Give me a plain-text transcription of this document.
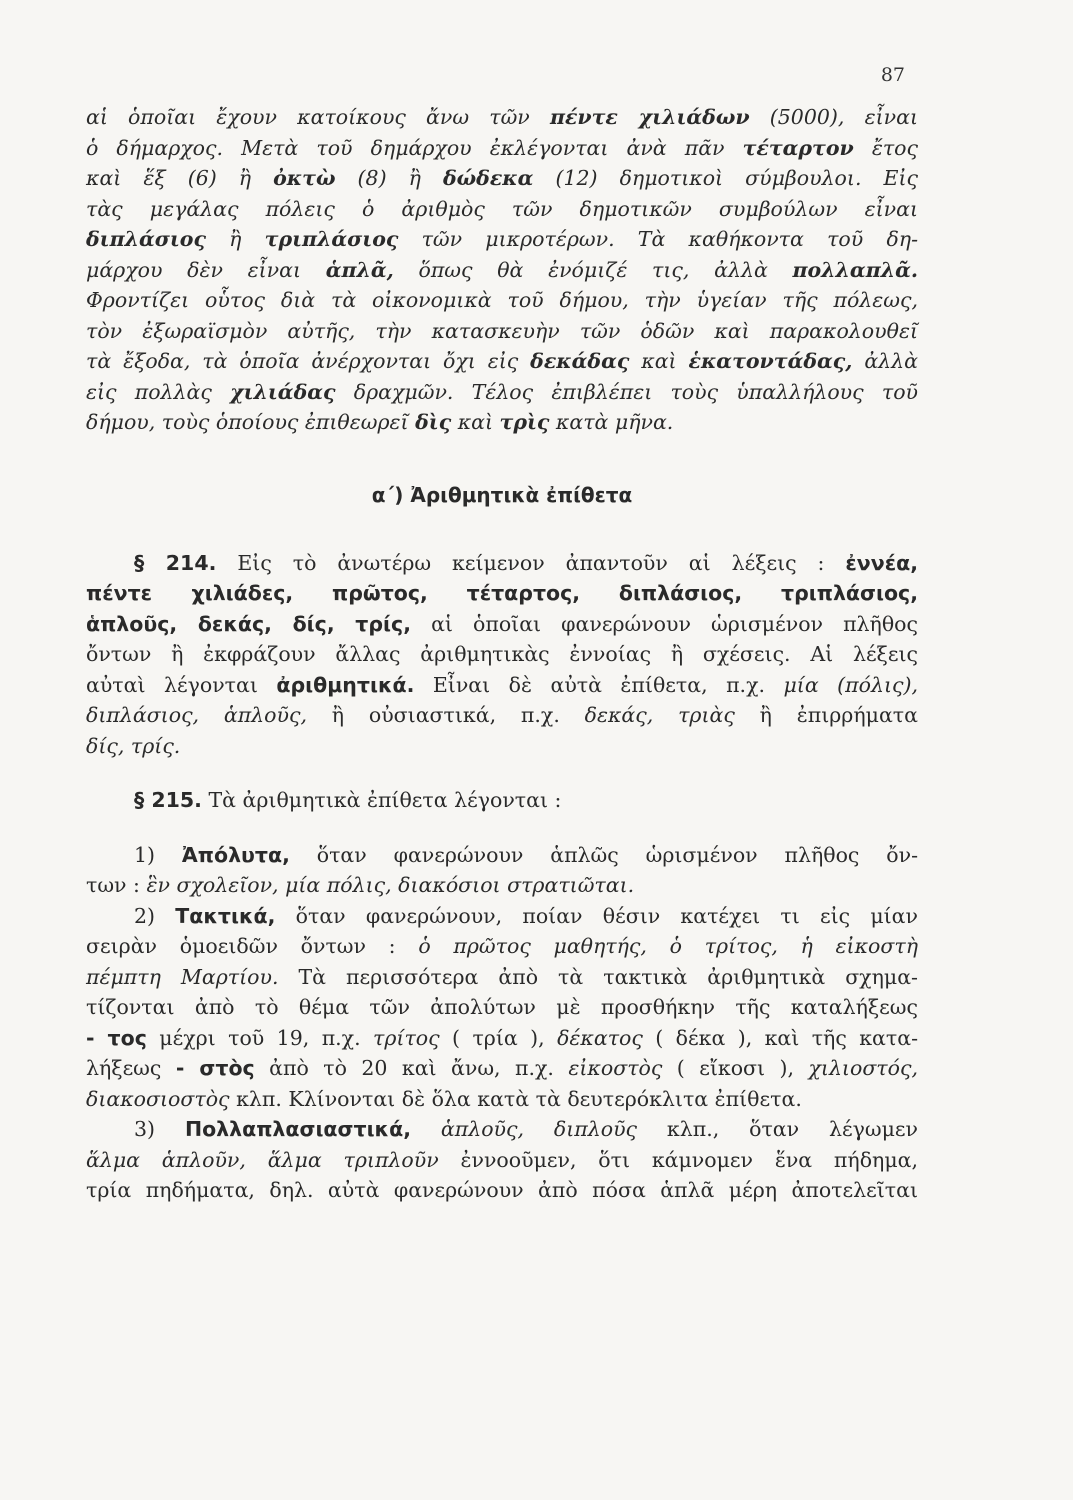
87
αἱ ὁποῖαι ἔχουν κατοίκους ἄνω τῶν πέντε χιλιάδων (5000), εἶναι
ὁ δήμαρχος. Μετὰ τοῦ δημάρχου ἐκλέγονται ἀνὰ πᾶν τέταρτον ἔτος
καὶ ἕξ (6) ἢ ὀκτὼ (8) ἢ δώδεκα (12) δημοτικοὶ σύμβουλοι. Εἰς
τὰς μεγάλας πόλεις ὁ ἀριθμὸς τῶν δημοτικῶν συμβούλων εἶναι
διπλάσιος ἢ τριπλάσιος τῶν μικροτέρων. Τὰ καθήκοντα τοῦ δη-
μάρχου δὲν εἶναι ἁπλᾶ, ὅπως θὰ ἐνόμιζέ τις, ἀλλὰ πολλαπλᾶ.
Φροντίζει οὗτος διὰ τὰ οἰκονομικὰ τοῦ δήμου, τὴν ὑγείαν τῆς πόλεως,
τὸν ἐξωραϊσμὸν αὐτῆς, τὴν κατασκευὴν τῶν ὁδῶν καὶ παρακολουθεῖ
τὰ ἔξοδα, τὰ ὁποῖα ἀνέρχονται ὄχι εἰς δεκάδας καὶ ἑκατοντάδας, ἀλλὰ
εἰς πολλὰς χιλιάδας δραχμῶν. Τέλος ἐπιβλέπει τοὺς ὑπαλλήλους τοῦ
δήμου, τοὺς ὁποίους ἐπιθεωρεῖ δὶς καὶ τρὶς κατὰ μῆνα.
α΄) Ἀριθμητικὰ ἐπίθετα
§ 214. Εἰς τὸ ἀνωτέρω κείμενον ἀπαντοῦν αἱ λέξεις : ἐννέα,
πέντε χιλιάδες, πρῶτος, τέταρτος, διπλάσιος, τριπλάσιος,
ἁπλοῦς, δεκάς, δίς, τρίς, αἱ ὁποῖαι φανερώνουν ὡρισμένον πλῆθος
ὄντων ἢ ἐκφράζουν ἄλλας ἀριθμητικὰς ἐννοίας ἢ σχέσεις. Αἱ λέξεις
αὐταὶ λέγονται ἀριθμητικά. Εἶναι δὲ αὐτὰ ἐπίθετα, π.χ. μία (πόλις),
διπλάσιος, ἁπλοῦς, ἢ οὐσιαστικά, π.χ. δεκάς, τριὰς ἢ ἐπιρρήματα
δίς, τρίς.
§ 215. Τὰ ἀριθμητικὰ ἐπίθετα λέγονται :
1) Ἀπόλυτα, ὅταν φανερώνουν ἁπλῶς ὡρισμένον πλῆθος ὄν-
των : ἓν σχολεῖον, μία πόλις, διακόσιοι στρατιῶται.
2) Τακτικά, ὅταν φανερώνουν, ποίαν θέσιν κατέχει τι εἰς μίαν
σειρὰν ὁμοειδῶν ὄντων : ὁ πρῶτος μαθητής, ὁ τρίτος, ἡ εἰκοστὴ
πέμπτη Μαρτίου. Τὰ περισσότερα ἀπὸ τὰ τακτικὰ ἀριθμητικὰ σχημα-
τίζονται ἀπὸ τὸ θέμα τῶν ἀπολύτων μὲ προσθήκην τῆς καταλήξεως
- τος μέχρι τοῦ 19, π.χ. τρίτος ( τρία ), δέκατος ( δέκα ), καὶ τῆς κατα-
λήξεως - στὸς ἀπὸ τὸ 20 καὶ ἄνω, π.χ. εἰκοστὸς ( εἴκοσι ), χιλιοστός,
διακοσιοστὸς κλπ. Κλίνονται δὲ ὅλα κατὰ τὰ δευτερόκλιτα ἐπίθετα.
3) Πολλαπλασιαστικά, ἁπλοῦς, διπλοῦς κλπ., ὅταν λέγωμεν
ἅλμα ἁπλοῦν, ἅλμα τριπλοῦν ἐννοοῦμεν, ὅτι κάμνομεν ἕνα πήδημα,
τρία πηδήματα, δηλ. αὐτὰ φανερώνουν ἀπὸ πόσα ἁπλᾶ μέρη ἀποτελεῖται
